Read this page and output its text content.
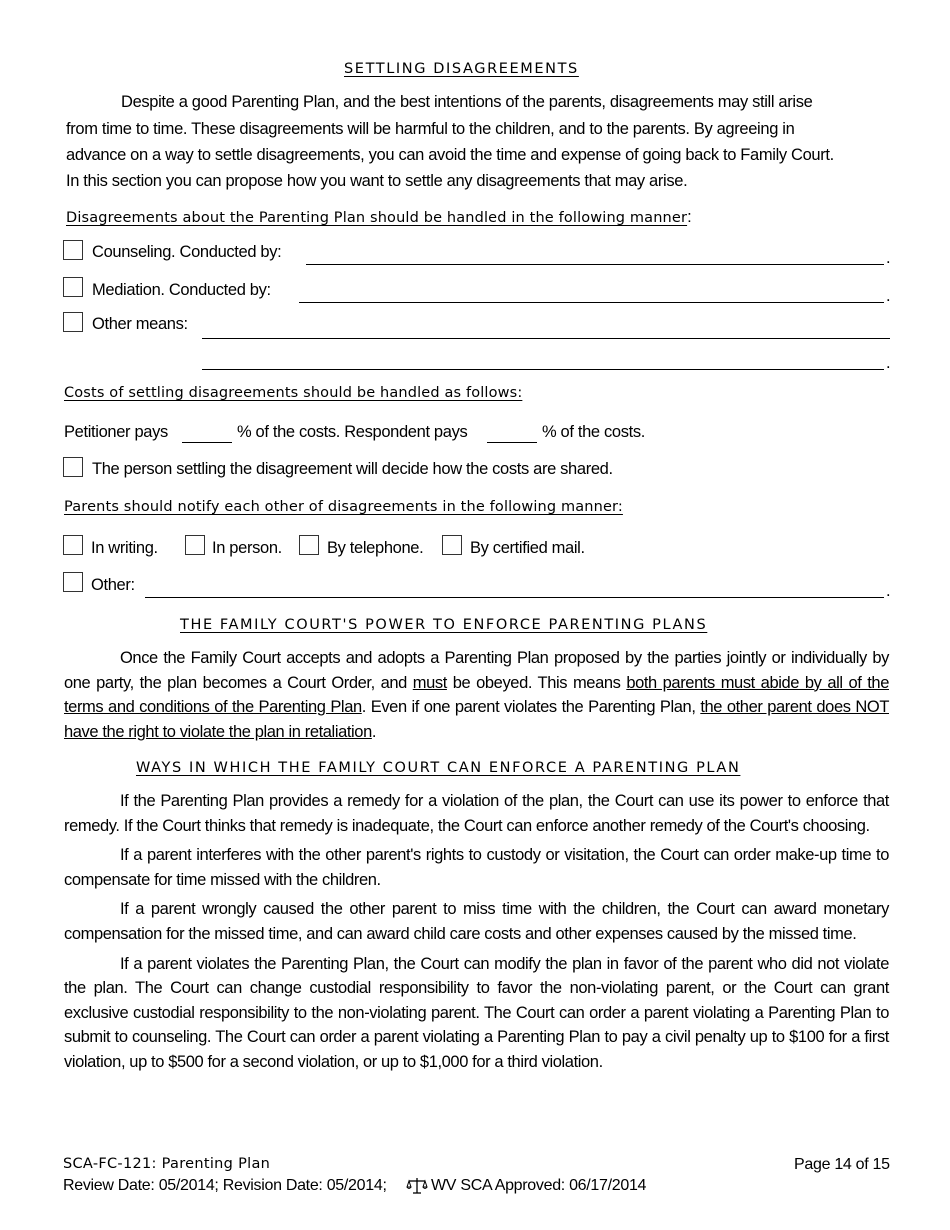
SETTLING DISAGREEMENTS
Despite a good Parenting Plan, and the best intentions of the parents, disagreements may still arise
from time to time. These disagreements will be harmful to the children, and to the parents. By agreeing in
advance on a way to settle disagreements, you can avoid the time and expense of going back to Family Court.
In this section you can propose how you want to settle any disagreements that may arise.
Disagreements about the Parenting Plan should be handled in the following manner:
Counseling. Conducted by:	.
Mediation. Conducted by:	.
Other means:
.
Costs of settling disagreements should be handled as follows:
Petitioner pays	% of the costs. Respondent pays	% of the costs.
The person settling the disagreement will decide how the costs are shared.
Parents should notify each other of disagreements in the following manner:
In writing.	In person.	By telephone.	By certified mail.
Other:	.
THE FAMILY COURT'S POWER TO ENFORCE PARENTING PLANS

Once the Family Court accepts and adopts a Parenting Plan proposed by the parties jointly or individually by one party, the plan becomes a Court Order, and must be obeyed. This means both parents must abide by all of the terms and conditions of the Parenting Plan. Even if one parent violates the Parenting Plan, the other parent does NOT have the right to violate the plan in retaliation.

WAYS IN WHICH THE FAMILY COURT CAN ENFORCE A PARENTING PLAN

If the Parenting Plan provides a remedy for a violation of the plan, the Court can use its power to enforce that remedy. If the Court thinks that remedy is inadequate, the Court can enforce another remedy of the Court's choosing.

If a parent interferes with the other parent's rights to custody or visitation, the Court can order make-up time to compensate for time missed with the children.

If a parent wrongly caused the other parent to miss time with the children, the Court can award monetary compensation for the missed time, and can award child care costs and other expenses caused by the missed time.

If a parent violates the Parenting Plan, the Court can modify the plan in favor of the parent who did not violate the plan. The Court can change custodial responsibility to favor the non-violating parent, or the Court can grant exclusive custodial responsibility to the non-violating parent. The Court can order a parent violating a Parenting Plan to submit to counseling. The Court can order a parent violating a Parenting Plan to pay a civil penalty up to $100 for a first violation, up to $500 for a second violation, or up to $1,000 for a third violation.

SCA-FC-121: Parenting Plan	Page 14 of 15
Review Date: 05/2014; Revision Date: 05/2014;	WV SCA Approved: 06/17/2014
